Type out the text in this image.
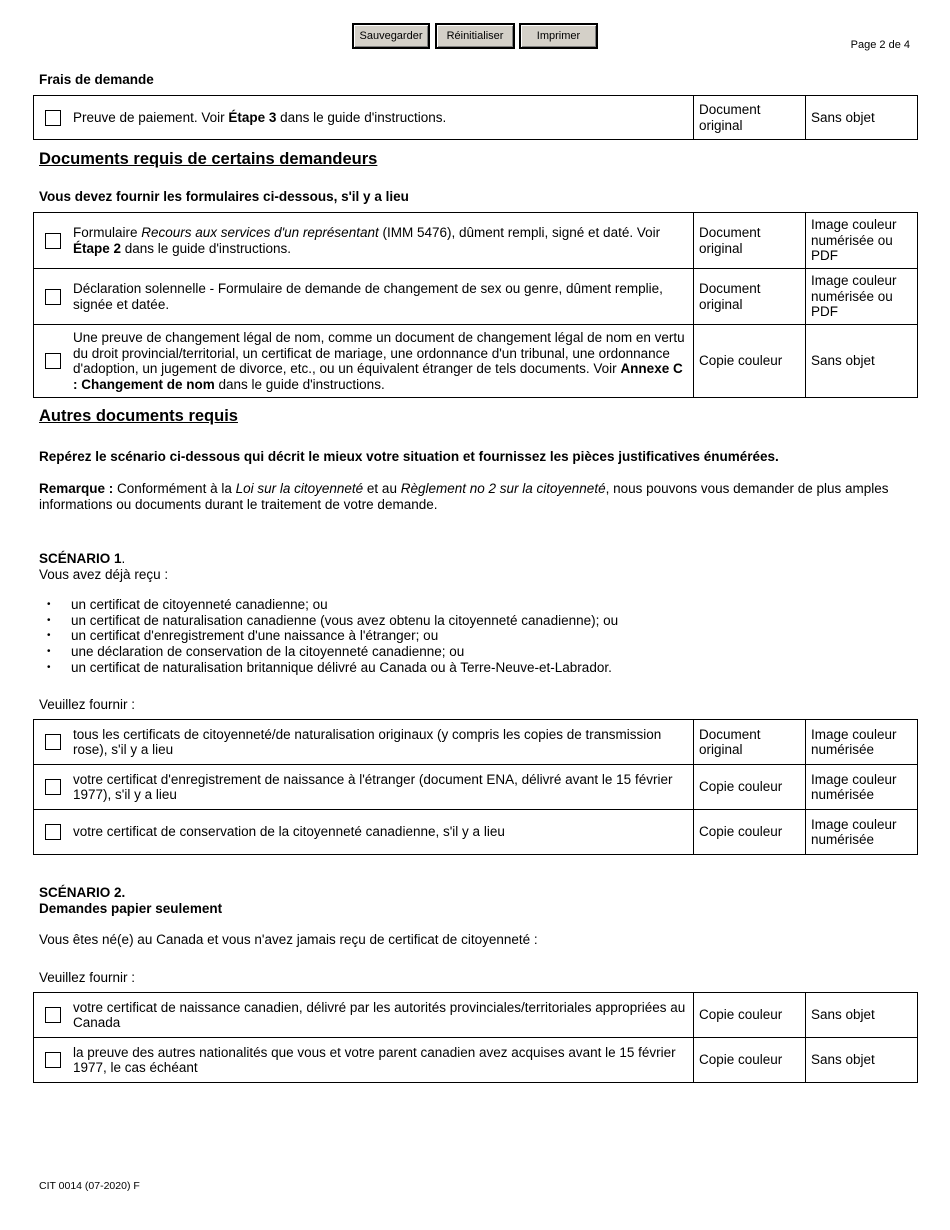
Sauvegarder	Réinitialiser	Imprimer
Page 2 de 4
Frais de demande
Preuve de paiement. Voir Étape 3 dans le guide d'instructions.	Document original	Sans objet
Documents requis de certains demandeurs
Vous devez fournir les formulaires ci-dessous, s'il y a lieu
Formulaire Recours aux services d'un représentant (IMM 5476), dûment rempli, signé et daté. Voir Étape 2 dans le guide d'instructions.	Document original	Image couleur numérisée ou PDF

Déclaration solennelle - Formulaire de demande de changement de sex ou genre, dûment remplie, signée et datée.	Document original	Image couleur numérisée ou PDF

Une preuve de changement légal de nom, comme un document de changement légal de nom en vertu du droit provincial/territorial, un certificat de mariage, une ordonnance d'un tribunal, une ordonnance d'adoption, un jugement de divorce, etc., ou un équivalent étranger de tels documents. Voir Annexe C : Changement de nom dans le guide d'instructions.	Copie couleur	Sans objet
Autres documents requis
Repérez le scénario ci-dessous qui décrit le mieux votre situation et fournissez les pièces justificatives énumérées.
Remarque : Conformément à la Loi sur la citoyenneté et au Règlement no 2 sur la citoyenneté, nous pouvons vous demander de plus amples informations ou documents durant le traitement de votre demande.
SCÉNARIO 1.
Vous avez déjà reçu :
• un certificat de citoyenneté canadienne; ou
• un certificat de naturalisation canadienne (vous avez obtenu la citoyenneté canadienne); ou
• un certificat d'enregistrement d'une naissance à l'étranger; ou
• une déclaration de conservation de la citoyenneté canadienne; ou
• un certificat de naturalisation britannique délivré au Canada ou à Terre-Neuve-et-Labrador.
Veuillez fournir :
tous les certificats de citoyenneté/de naturalisation originaux (y compris les copies de transmission rose), s'il y a lieu	Document original	Image couleur numérisée

votre certificat d'enregistrement de naissance à l'étranger (document ENA, délivré avant le 15 février 1977), s'il y a lieu	Copie couleur	Image couleur numérisée

votre certificat de conservation de la citoyenneté canadienne, s'il y a lieu	Copie couleur	Image couleur numérisée
SCÉNARIO 2.
Demandes papier seulement
Vous êtes né(e) au Canada et vous n'avez jamais reçu de certificat de citoyenneté :
Veuillez fournir :
votre certificat de naissance canadien, délivré par les autorités provinciales/territoriales appropriées au Canada	Copie couleur	Sans objet

la preuve des autres nationalités que vous et votre parent canadien avez acquises avant le 15 février 1977, le cas échéant	Copie couleur	Sans objet
CIT 0014 (07-2020) F
